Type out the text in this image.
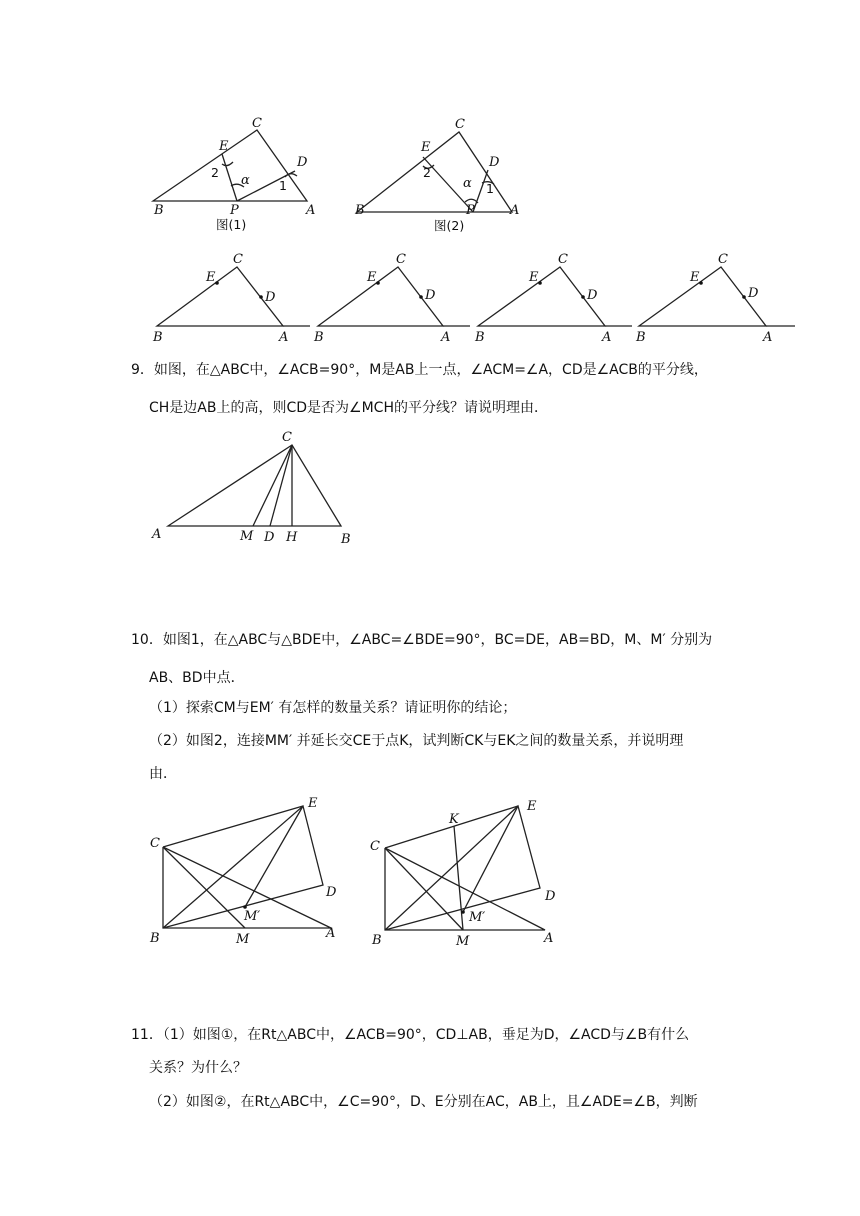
C
E
D
B	P	A
2
α 1
图(1)
C
E
D
B	P	A
2
α 1
图(2)
C
E
D
B	A
C
E
D
B	A
C
E
D
B	A
C
E
D
B	A
C
A	M D H	B
C
B	M	A
E
D
M′
C
B	M	A
E
D
M′
K
9．如图，在△ABC中，∠ACB=90°，M是AB上一点，∠ACM=∠A，CD是∠ACB的平分线，
CH是边AB上的高，则CD是否为∠MCH的平分线？请说明理由．
10．如图1，在△ABC与△BDE中，∠ABC=∠BDE=90°，BC=DE，AB=BD，M、M′ 分别为
AB、BD中点．
（1）探索CM与EM′ 有怎样的数量关系？请证明你的结论；
（2）如图2，连接MM′ 并延长交CE于点K，试判断CK与EK之间的数量关系，并说明理
由．
11．（1）如图①，在Rt△ABC中，∠ACB=90°，CD⊥AB，垂足为D，∠ACD与∠B有什么
关系？为什么？
（2）如图②，在Rt△ABC中，∠C=90°，D、E分别在AC，AB上，且∠ADE=∠B，判断
